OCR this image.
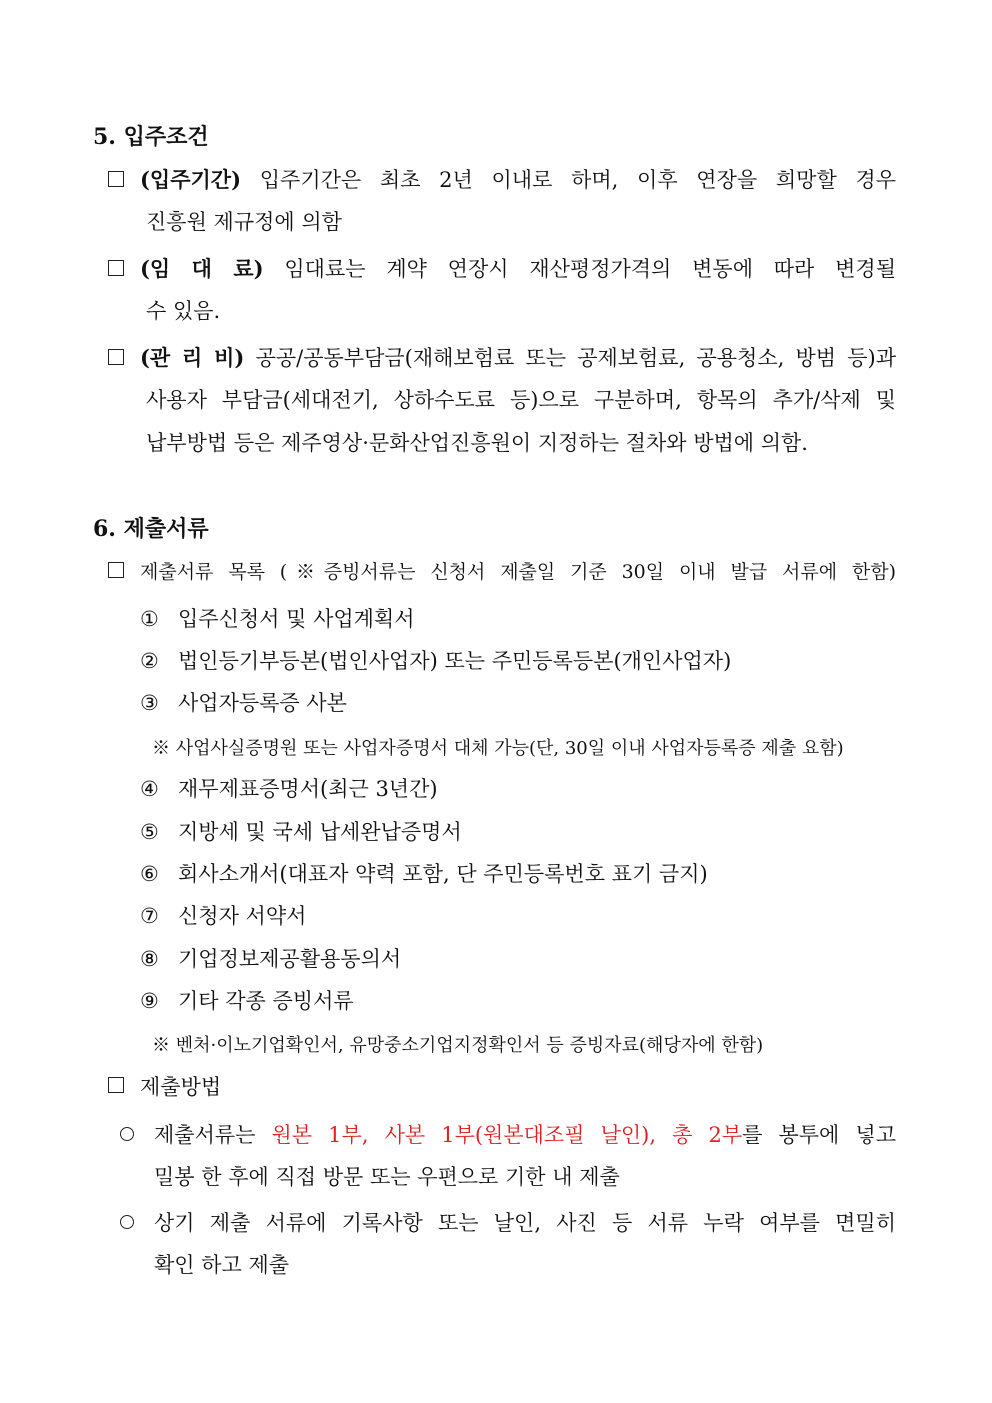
5. 입주조건
(입주기간) 입주기간은 최초 2년 이내로 하며, 이후 연장을 희망할 경우
진흥원 제규정에 의함
(임 대 료) 임대료는 계약 연장시 재산평정가격의 변동에 따라 변경될
수 있음.
(관 리 비) 공공/공동부담금(재해보험료 또는 공제보험료, 공용청소, 방범 등)과
사용자 부담금(세대전기, 상하수도료 등)으로 구분하며, 항목의 추가/삭제 및
납부방법 등은 제주영상·문화산업진흥원이 지정하는 절차와 방법에 의함.
6. 제출서류
제출서류 목록 (※증빙서류는 신청서 제출일 기준 30일 이내 발급 서류에 한함)
① 입주신청서 및 사업계획서
② 법인등기부등본(법인사업자) 또는 주민등록등본(개인사업자)
③ 사업자등록증 사본
※ 사업사실증명원 또는 사업자증명서 대체 가능(단, 30일 이내 사업자등록증 제출 요함)
④ 재무제표증명서(최근 3년간)
⑤ 지방세 및 국세 납세완납증명서
⑥ 회사소개서(대표자 약력 포함, 단 주민등록번호 표기 금지)
⑦ 신청자 서약서
⑧ 기업정보제공활용동의서
⑨ 기타 각종 증빙서류
※ 벤처·이노기업확인서, 유망중소기업지정확인서 등 증빙자료(해당자에 한함)
제출방법
제출서류는 원본 1부, 사본 1부(원본대조필 날인), 총 2부를 봉투에 넣고
밀봉 한 후에 직접 방문 또는 우편으로 기한 내 제출
상기 제출 서류에 기록사항 또는 날인, 사진 등 서류 누락 여부를 면밀히
확인 하고 제출
